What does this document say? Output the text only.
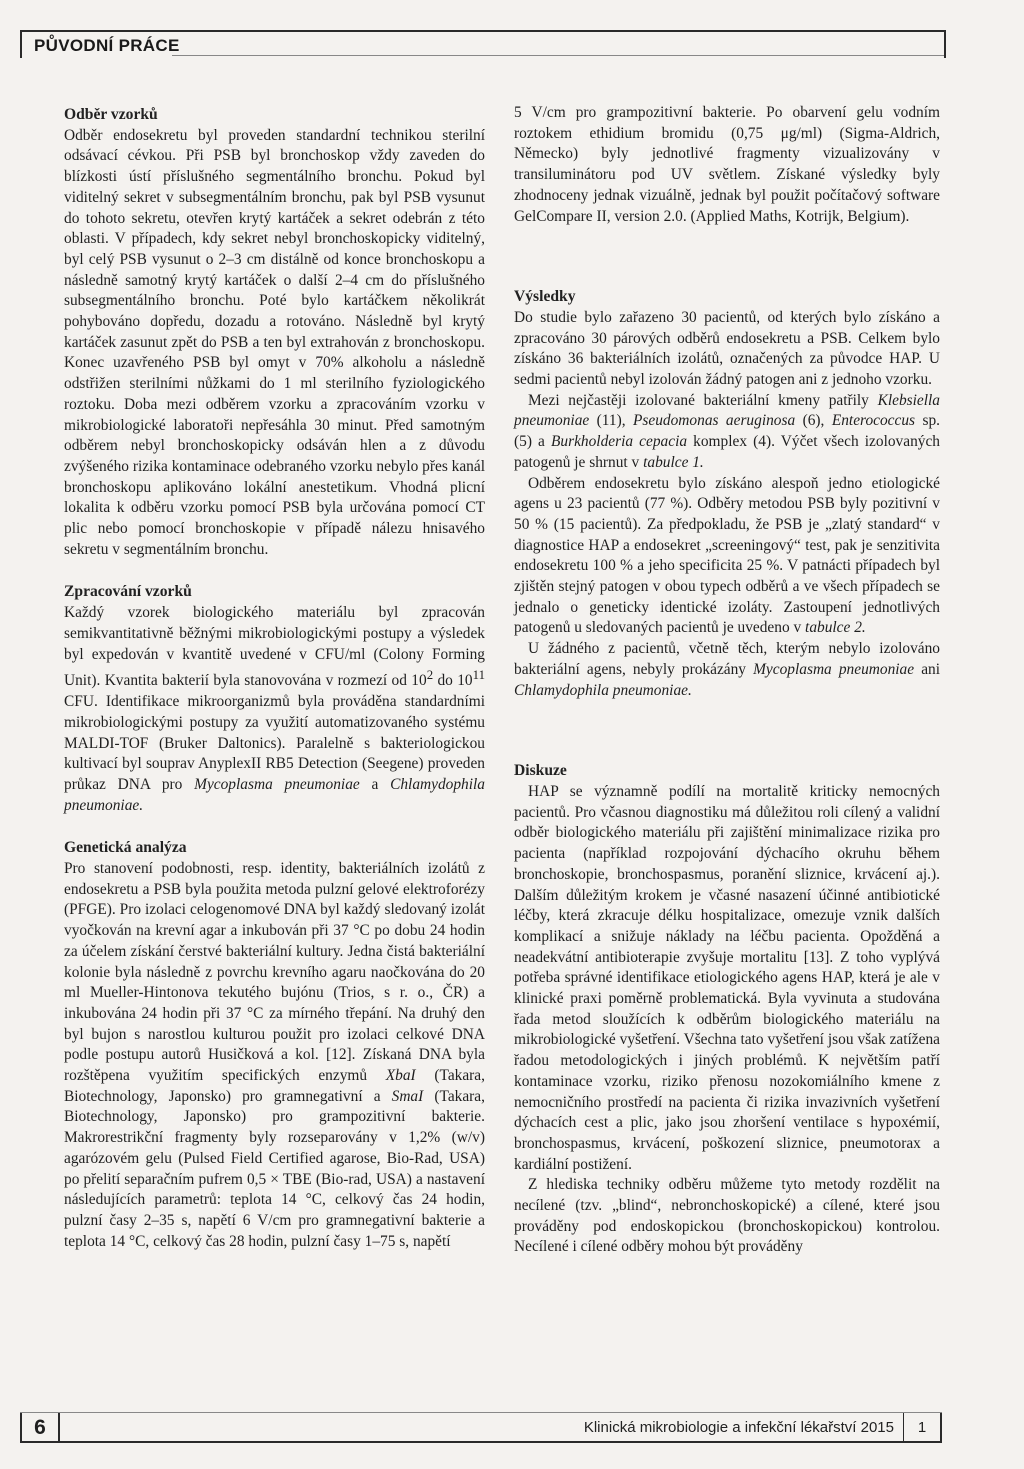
PŮVODNÍ PRÁCE
Odběr vzorků

Odběr endosekretu byl proveden standardní technikou sterilní odsávací cévkou. Při PSB byl bronchoskop vždy zaveden do blízkosti ústí příslušného segmentálního bronchu. Pokud byl viditelný sekret v subsegmentálním bronchu, pak byl PSB vysunut do tohoto sekretu, otevřen krytý kartáček a sekret odebrán z této oblasti. V případech, kdy sekret nebyl bronchoskopicky viditelný, byl celý PSB vysunut o 2–3 cm distálně od konce bronchoskopu a následně samotný krytý kartáček o další 2–4 cm do příslušného subsegmentálního bronchu. Poté bylo kartáčkem několikrát pohybováno dopředu, dozadu a rotováno. Následně byl krytý kartáček zasunut zpět do PSB a ten byl extrahován z bronchoskopu. Konec uzavřeného PSB byl omyt v 70% alkoholu a následně odstřižen sterilními nůžkami do 1 ml sterilního fyziologického roztoku. Doba mezi odběrem vzorku a zpracováním vzorku v mikrobiologické laboratoři nepřesáhla 30 minut. Před samotným odběrem nebyl bronchoskopicky odsáván hlen a z důvodu zvýšeného rizika kontaminace odebraného vzorku nebylo přes kanál bronchoskopu aplikováno lokální anestetikum. Vhodná plicní lokalita k odběru vzorku pomocí PSB byla určována pomocí CT plic nebo pomocí bronchoskopie v případě nálezu hnisavého sekretu v segmentálním bronchu.

Zpracování vzorků

Každý vzorek biologického materiálu byl zpracován semikvantitativně běžnými mikrobiologickými postupy a výsledek byl expedován v kvantitě uvedené v CFU/ml (Colony Forming Unit). Kvantita bakterií byla stanovována v rozmezí od $10^2$ do $10^{11}$ CFU. Identifikace mikroorganizmů byla prováděna standardními mikrobiologickými postupy za využití automatizovaného systému MALDI-TOF (Bruker Daltonics). Paralelně s bakteriologickou kultivací byl souprav AnyplexII RB5 Detection (Seegene) proveden průkaz DNA pro Mycoplasma pneumoniae a Chlamydophila pneumoniae.

Genetická analýza

Pro stanovení podobnosti, resp. identity, bakteriálních izolátů z endosekretu a PSB byla použita metoda pulzní gelové elektroforézy (PFGE). Pro izolaci celogenomové DNA byl každý sledovaný izolát vyočkován na krevní agar a inkubován při 37 °C po dobu 24 hodin za účelem získání čerstvé bakteriální kultury. Jedna čistá bakteriální kolonie byla následně z povrchu krevního agaru naočkována do 20 ml Mueller-Hintonova tekutého bujónu (Trios, s r. o., ČR) a inkubována 24 hodin při 37 °C za mírného třepání. Na druhý den byl bujon s narostlou kulturou použit pro izolaci celkové DNA podle postupu autorů Husičková a kol. [12]. Získaná DNA byla rozštěpena využitím specifických enzymů XbaI (Takara, Biotechnology, Japonsko) pro gramnegativní a SmaI (Takara, Biotechnology, Japonsko) pro grampozitivní bakterie. Makrorestrikční fragmenty byly rozseparovány v 1,2% (w/v) agarózovém gelu (Pulsed Field Certified agarose, Bio-Rad, USA) po přelití separačním pufrem 0,5 × TBE (Bio-rad, USA) a nastavení následujících parametrů: teplota 14 °C, celkový čas 24 hodin, pulzní časy 2–35 s, napětí 6 V/cm pro gramnegativní bakterie a teplota 14 °C, celkový čas 28 hodin, pulzní časy 1–75 s, napětí

5 V/cm pro grampozitivní bakterie. Po obarvení gelu vodním roztokem ethidium bromidu (0,75 μg/ml) (Sigma-Aldrich, Německo) byly jednotlivé fragmenty vizualizovány v transiluminátoru pod UV světlem. Získané výsledky byly zhodnoceny jednak vizuálně, jednak byl použit počítačový software GelCompare II, version 2.0. (Applied Maths, Kotrijk, Belgium).

Výsledky

Do studie bylo zařazeno 30 pacientů, od kterých bylo získáno a zpracováno 30 párových odběrů endosekretu a PSB. Celkem bylo získáno 36 bakteriálních izolátů, označených za původce HAP. U sedmi pacientů nebyl izolován žádný patogen ani z jednoho vzorku.

Mezi nejčastěji izolované bakteriální kmeny patřily Klebsiella pneumoniae (11), Pseudomonas aeruginosa (6), Enterococcus sp. (5) a Burkholderia cepacia komplex (4). Výčet všech izolovaných patogenů je shrnut v tabulce 1.

Odběrem endosekretu bylo získáno alespoň jedno etiologické agens u 23 pacientů (77 %). Odběry metodou PSB byly pozitivní v 50 % (15 pacientů). Za předpokladu, že PSB je „zlatý standard“ v diagnostice HAP a endosekret „screeningový“ test, pak je senzitivita endosekretu 100 % a jeho specificita 25 %. V patnácti případech byl zjištěn stejný patogen v obou typech odběrů a ve všech případech se jednalo o geneticky identické izoláty. Zastoupení jednotlivých patogenů u sledovaných pacientů je uvedeno v tabulce 2.

U žádného z pacientů, včetně těch, kterým nebylo izolováno bakteriální agens, nebyly prokázány Mycoplasma pneumoniae ani Chlamydophila pneumoniae.

Diskuze

HAP se významně podílí na mortalitě kriticky nemocných pacientů. Pro včasnou diagnostiku má důležitou roli cílený a validní odběr biologického materiálu při zajištění minimalizace rizika pro pacienta (například rozpojování dýchacího okruhu během bronchoskopie, bronchospasmus, poranění sliznice, krvácení aj.). Dalším důležitým krokem je včasné nasazení účinné antibiotické léčby, která zkracuje délku hospitalizace, omezuje vznik dalších komplikací a snižuje náklady na léčbu pacienta. Opožděná a neadekvátní antibioterapie zvyšuje mortalitu [13]. Z toho vyplývá potřeba správné identifikace etiologického agens HAP, která je ale v klinické praxi poměrně problematická. Byla vyvinuta a studována řada metod sloužících k odběrům biologického materiálu na mikrobiologické vyšetření. Všechna tato vyšetření jsou však zatížena řadou metodologických i jiných problémů. K největším patří kontaminace vzorku, riziko přenosu nozokomiálního kmene z nemocničního prostředí na pacienta či rizika invazivních vyšetření dýchacích cest a plic, jako jsou zhoršení ventilace s hypoxémií, bronchospasmus, krvácení, poškození sliznice, pneumotorax a kardiální postižení.

Z hlediska techniky odběru můžeme tyto metody rozdělit na necílené (tzv. „blind“, nebronchoskopické) a cílené, které jsou prováděny pod endoskopickou (bronchoskopickou) kontrolou. Necílené i cílené odběry mohou být prováděny

6	Klinická mikrobiologie a infekční lékařství 2015	1
